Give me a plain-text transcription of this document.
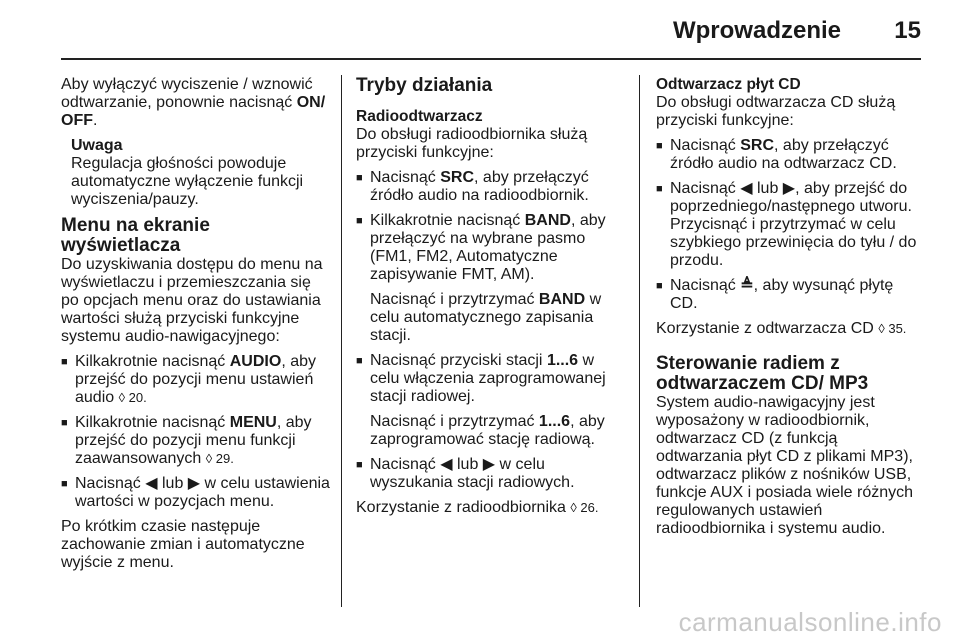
Wprowadzenie 15

Aby wyłączyć wyciszenie / wznowić odtwarzanie, ponownie nacisnąć ON/ OFF.

Uwaga

Regulacja głośności powoduje automatyczne wyłączenie funkcji wyciszenia/pauzy.

Menu na ekranie wyświetlacza

Do uzyskiwania dostępu do menu na wyświetlaczu i przemieszczania się po opcjach menu oraz do ustawiania wartości służą przyciski funkcyjne systemu audio-nawigacyjnego:

■ Kilkakrotnie nacisnąć AUDIO, aby przejść do pozycji menu ustawień audio ◊ 20.

■ Kilkakrotnie nacisnąć MENU, aby przejść do pozycji menu funkcji zaawansowanych ◊ 29.

■ Nacisnąć ◀ lub ▶ w celu ustawienia wartości w pozycjach menu.

Po krótkim czasie następuje zachowanie zmian i automatyczne wyjście z menu.

Tryby działania
Radioodtwarzacz

Do obsługi radioodbiornika służą przyciski funkcyjne:

■ Nacisnąć SRC, aby przełączyć źródło audio na radioodbiornik.

■ Kilkakrotnie nacisnąć BAND, aby przełączyć na wybrane pasmo (FM1, FM2, Automatyczne zapisywanie FMT, AM).

Nacisnąć i przytrzymać BAND w celu automatycznego zapisania stacji.

■ Nacisnąć przyciski stacji 1...6 w celu włączenia zaprogramowanej stacji radiowej.

Nacisnąć i przytrzymać 1...6, aby zaprogramować stację radiową.

■ Nacisnąć ◀ lub ▶ w celu wyszukania stacji radiowych.

Korzystanie z radioodbiornika ◊ 26.

Odtwarzacz płyt CD

Do obsługi odtwarzacza CD służą przyciski funkcyjne:

■ Nacisnąć SRC, aby przełączyć źródło audio na odtwarzacz CD.

■ Nacisnąć ◀ lub ▶, aby przejść do poprzedniego/następnego utworu. Przycisnąć i przytrzymać w celu szybkiego przewinięcia do tyłu / do przodu.

■ Nacisnąć ≜, aby wysunąć płytę CD.

Korzystanie z odtwarzacza CD ◊ 35.

Sterowanie radiem z odtwarzaczem CD/ MP3

System audio-nawigacyjny jest wyposażony w radioodbiornik, odtwarzacz CD (z funkcją odtwarzania płyt CD z plikami MP3), odtwarzacz plików z nośników USB, funkcje AUX i posiada wiele różnych regulowanych ustawień radioodbiornika i systemu audio.

carmanualsonline.info
